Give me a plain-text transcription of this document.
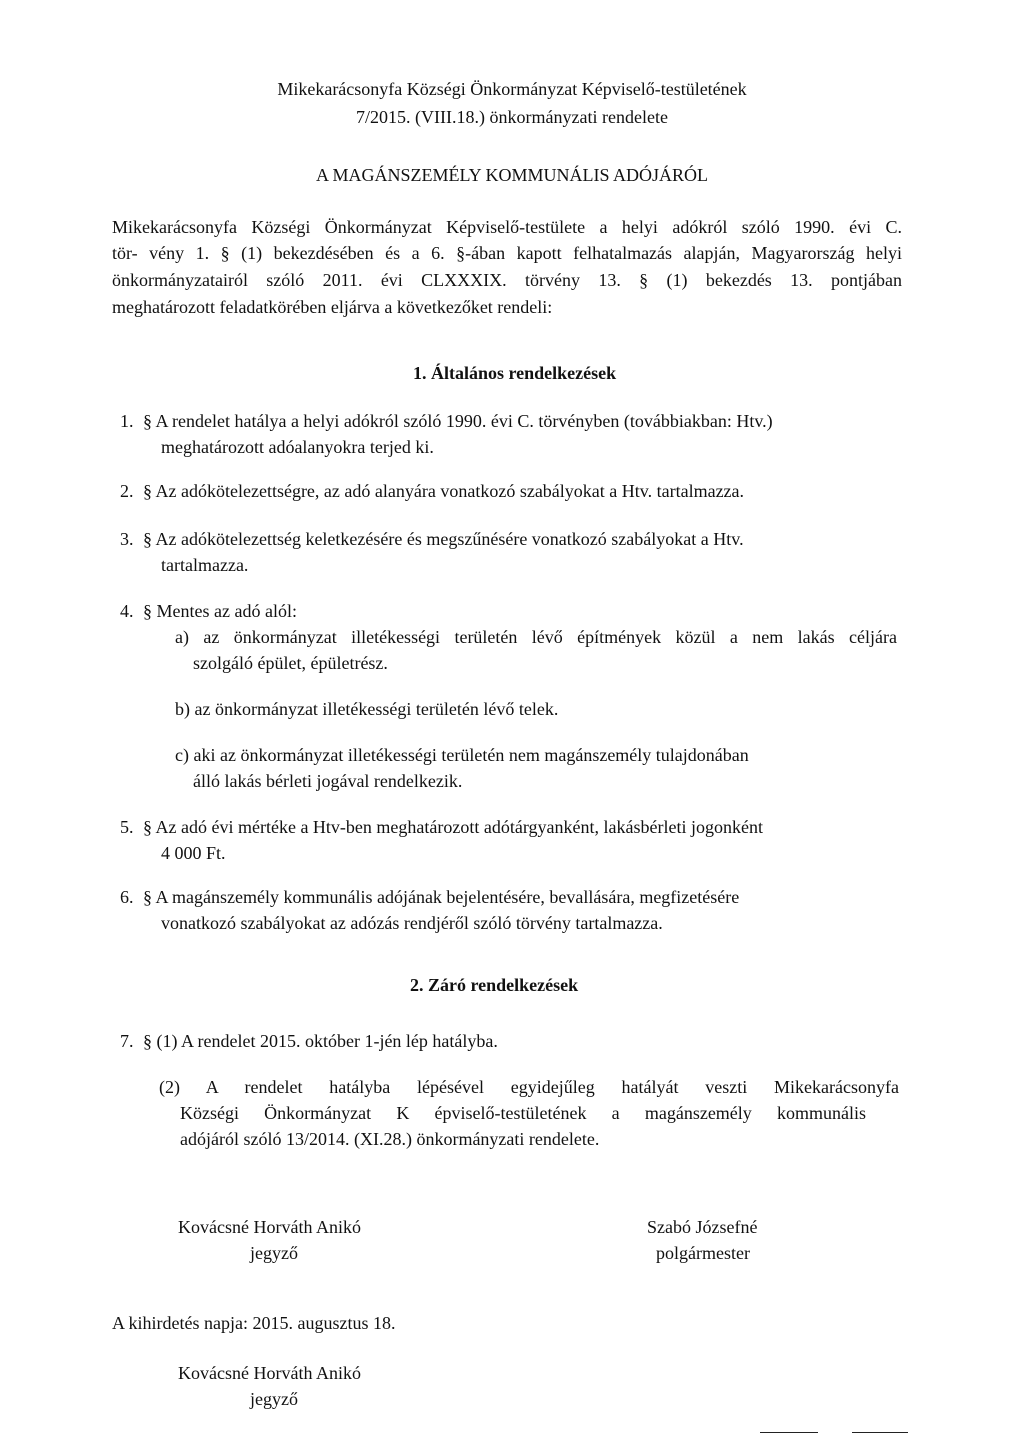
Mikekarácsonyfa Községi Önkormányzat Képviselő-testületének
7/2015. (VIII.18.) önkormányzati rendelete
A MAGÁNSZEMÉLY KOMMUNÁLIS ADÓJÁRÓL
Mikekarácsonyfa Községi Önkormányzat Képviselő-testülete a helyi adókról szóló 1990. évi C.
tör- vény 1. § (1) bekezdésében és a 6. §-ában kapott felhatalmazás alapján, Magyarország helyi
önkormányzatairól szóló 2011. évi CLXXXIX. törvény 13. § (1) bekezdés 13. pontjában
meghatározott feladatkörében eljárva a következőket rendeli:
1. Általános rendelkezések
1. § A rendelet hatálya a helyi adókról szóló 1990. évi C. törvényben (továbbiakban: Htv.)
meghatározott adóalanyokra terjed ki.
2. § Az adókötelezettségre, az adó alanyára vonatkozó szabályokat a Htv. tartalmazza.
3. § Az adókötelezettség keletkezésére és megszűnésére vonatkozó szabályokat a Htv.
tartalmazza.
4. § Mentes az adó alól:
a) az önkormányzat illetékességi területén lévő építmények közül a nem lakás céljára
szolgáló épület, épületrész.
b) az önkormányzat illetékességi területén lévő telek.
c) aki az önkormányzat illetékességi területén nem magánszemély tulajdonában
álló lakás bérleti jogával rendelkezik.
5. § Az adó évi mértéke a Htv-ben meghatározott adótárgyanként, lakásbérleti jogonként
4 000 Ft.
6. § A magánszemély kommunális adójának bejelentésére, bevallására, megfizetésére
vonatkozó szabályokat az adózás rendjéről szóló törvény tartalmazza.
2. Záró rendelkezések
7. § (1) A rendelet 2015. október 1-jén lép hatályba.
(2) A rendelet hatályba lépésével egyidejűleg hatályát veszti Mikekarácsonyfa
Községi Önkormányzat K épviselő-testületének a magánszemély kommunális
adójáról szóló 13/2014. (XI.28.) önkormányzati rendelete.
Kovácsné Horváth Anikó
jegyző
Szabó Józsefné
polgármester
A kihirdetés napja: 2015. augusztus 18.
Kovácsné Horváth Anikó
jegyző
